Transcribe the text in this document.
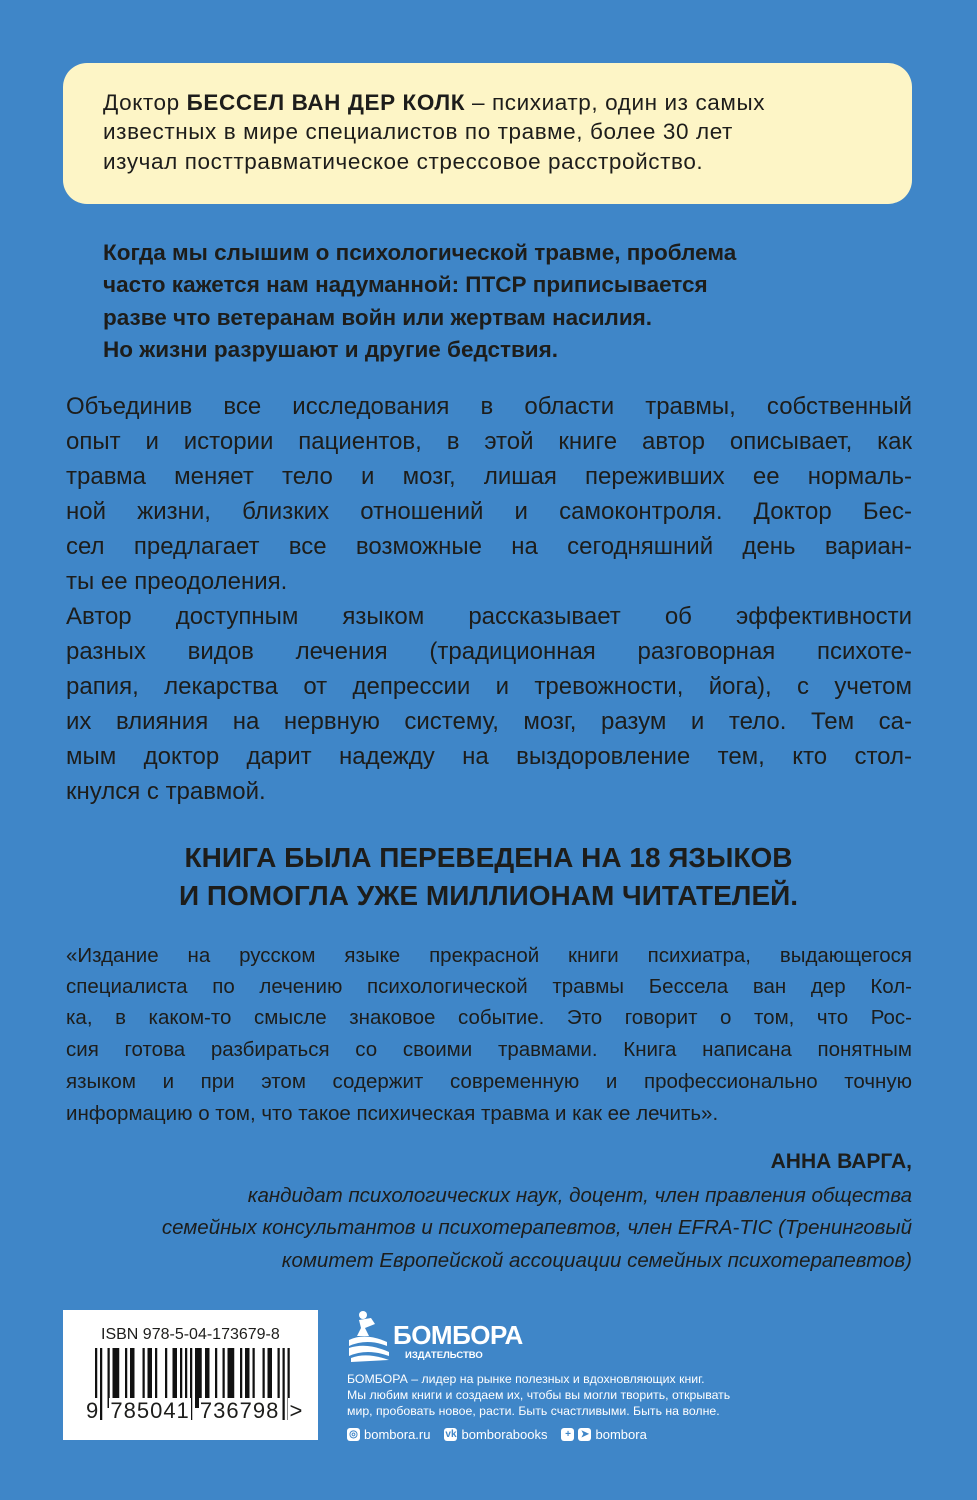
Доктор БЕССЕЛ ВАН ДЕР КОЛК – психиатр, один из самых
известных в мире специалистов по травме, более 30 лет
изучал посттравматическое стрессовое расстройство.
Когда мы слышим о психологической травме, проблема
часто кажется нам надуманной: ПТСР приписывается
разве что ветеранам войн или жертвам насилия.
Но жизни разрушают и другие бедствия.
Объединив все исследования в области травмы, собственный
опыт и истории пациентов, в этой книге автор описывает, как
травма меняет тело и мозг, лишая переживших ее нормаль-
ной жизни, близких отношений и самоконтроля. Доктор Бес-
сел предлагает все возможные на сегодняшний день вариан-
ты ее преодоления.
Автор доступным языком рассказывает об эффективности
разных видов лечения (традиционная разговорная психоте-
рапия, лекарства от депрессии и тревожности, йога), с учетом
их влияния на нервную систему, мозг, разум и тело. Тем са-
мым доктор дарит надежду на выздоровление тем, кто стол-
кнулся с травмой.
КНИГА БЫЛА ПЕРЕВЕДЕНА НА 18 ЯЗЫКОВ
И ПОМОГЛА УЖЕ МИЛЛИОНАМ ЧИТАТЕЛЕЙ.
«Издание на русском языке прекрасной книги психиатра, выдающегося
специалиста по лечению психологической травмы Бессела ван дер Кол-
ка, в каком-то смысле знаковое событие. Это говорит о том, что Рос-
сия готова разбираться со своими травмами. Книга написана понятным
языком и при этом содержит современную и профессионально точную
информацию о том, что такое психическая травма и как ее лечить».
АННА ВАРГА,
кандидат психологических наук, доцент, член правления общества
семейных консультантов и психотерапевтов, член EFRA-TIC (Тренинговый
комитет Европейской ассоциации семейных психотерапевтов)
ISBN 978-5-04-173679-8
9 785041 736798 >
БОМБОРА
ИЗДАТЕЛЬСТВО
БОМБОРА – лидер на рынке полезных и вдохновляющих книг.
Мы любим книги и создаем их, чтобы вы могли творить, открывать
мир, пробовать новое, расти. Быть счастливыми. Быть на волне.
◎ bombora.ru vk bomborabooks	+ ➤ bombora
